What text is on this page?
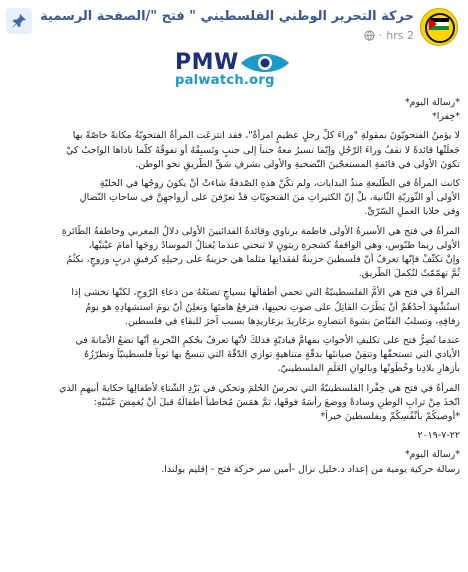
حركة التحرير الوطني الفلسطيني " فتح "/الصفحة الرسمية
2 hrs
·
PMW
palwatch.org

*رسالة اليوم*
*خِفرا*

لا يؤمنُ الفتحويّونَ بمقولةِ "وراءَ كلِّ رجلٍ عظيمٍ امرأةٌ"، فقد انتزعَت المرأةُ الفتحويّةُ مكانةً خاصّةً بها
جَعلَتْها قائدةً لا تقفُ وراءَ الرّجُلِ وإنّما تسيرُ معهُ جنباً إلى جنبٍ وتَسبِقُهُ أو تفوقُهُ كلّما ناداها الواجبُ كيْ
تكونَ الأولى في قائمةِ المستعجّينَ التّضحيةِ والأولى بشرفِ شقِّ الطّريقِ نحو الوطن.

كانت المرأةُ في الطّليعةِ منذُ البدايات، ولم تكُنْ هذهِ الصّدفةُ شاءتْ أنْ يكونَ زوجُها في الخليّةِ
الأولى أو الثّوريّةِ الثّانية، بلْ إنّ الكثيراتِ منَ الفتحويّاتِ قدْ تعرّفنَ على أزواجهِنَّ في ساحاتِ النّضالِ
وفي خلايا العملِ السّرّيِّ.

المرأةُ في فتح هي الأسيرةُ الأولى فاطمة برناوي وقائدةُ الفدائيينَ الأولى دلالُ المغربي وخاطفةُ الطّائرةِ
الأولى ريما طنّوس، وهي الواقفةُ كشجرةِ زيتونٍ لا تنحني عندما يُغتالُ الموسادُ زوجَها أمامَ عيْنيْها،
وإنْ تكثّفْ فإنّها تعرفُ أنّ فلسطينَ حزينةٌ لفقدانِها مثلما هي حزينةٌ على رحيلِهِ كرفيقِ دربٍ وزوجٍ، بكثُمُ
ثُمَّ تهمّمّتُ لتُكملَ الطّريق.

المرأةُ في فتح هي الأمُّ الفلسطينيّةُ التي تحمي أطفالَها بسياجٍ تصنَعُهُ من دعاءِ الرّوحِ، لكنّها تخشى إذا
استُشْهِدَ أحدُهُمْ أنْ يَطْرَبَ القاتِلُ على صوتِ نحيبِها، فترفعُ هامتَها وتعلِنُ أنّ يومَ استشهادِهِ هو يومُ
زفافِهِ، وتسلبُ القنّاصَ نشوةَ انتصارِهِ بزغاريدَ بزغاريدِها بسبب آخرَ للبقاءِ في فلسطين.

عندما تُصِرُّ فتح على تكليفِ الأخواتِ بمهامَّ قياديّةٍ فذلكَ لأنّها تعرفُ بحُكمِ التّجربةِ أنّها تضعُ الأمانةَ في
الأيادي التي تستحقُّها وتتقِنُ صيانتَها بدقّةٍ متناهيةٍ توازي الدّقّةَ التي تنسجُ بها ثوباً فلسطينيّاً وتطرّزُهُ
بأزهارِ بلادِنا وخُطُوتُها وبالوانِ العَلَمِ الفلسطينيّ.

المرأةُ في فتح هي خِفْرا الفلسطينيّةُ التي تحرسُ الحُلمَ وتحكي في بَرْدِ الشّتاءِ لأطفالِها حكايةَ أبيهمِ الذي
اتّخذَ مِنْ ترابِ الوطنِ وسادةً ووضعَ رأسَهُ فوقَها، ثمَّ همَسَ مُخاطباً أطفالَهُ قبلَ أنْ يُغمِضَ عَيْنَيْهِ:
*أوصيكُمْ بأنْفُسِكُمْ وبفلسطينَ خيراً*

٢٢-٧-٢٠١٩

*رسالة اليوم*
رسالة حركية يومية من إعداد د.خليل نزال -أمين سر حركة فتح - إقليم بولندا.
